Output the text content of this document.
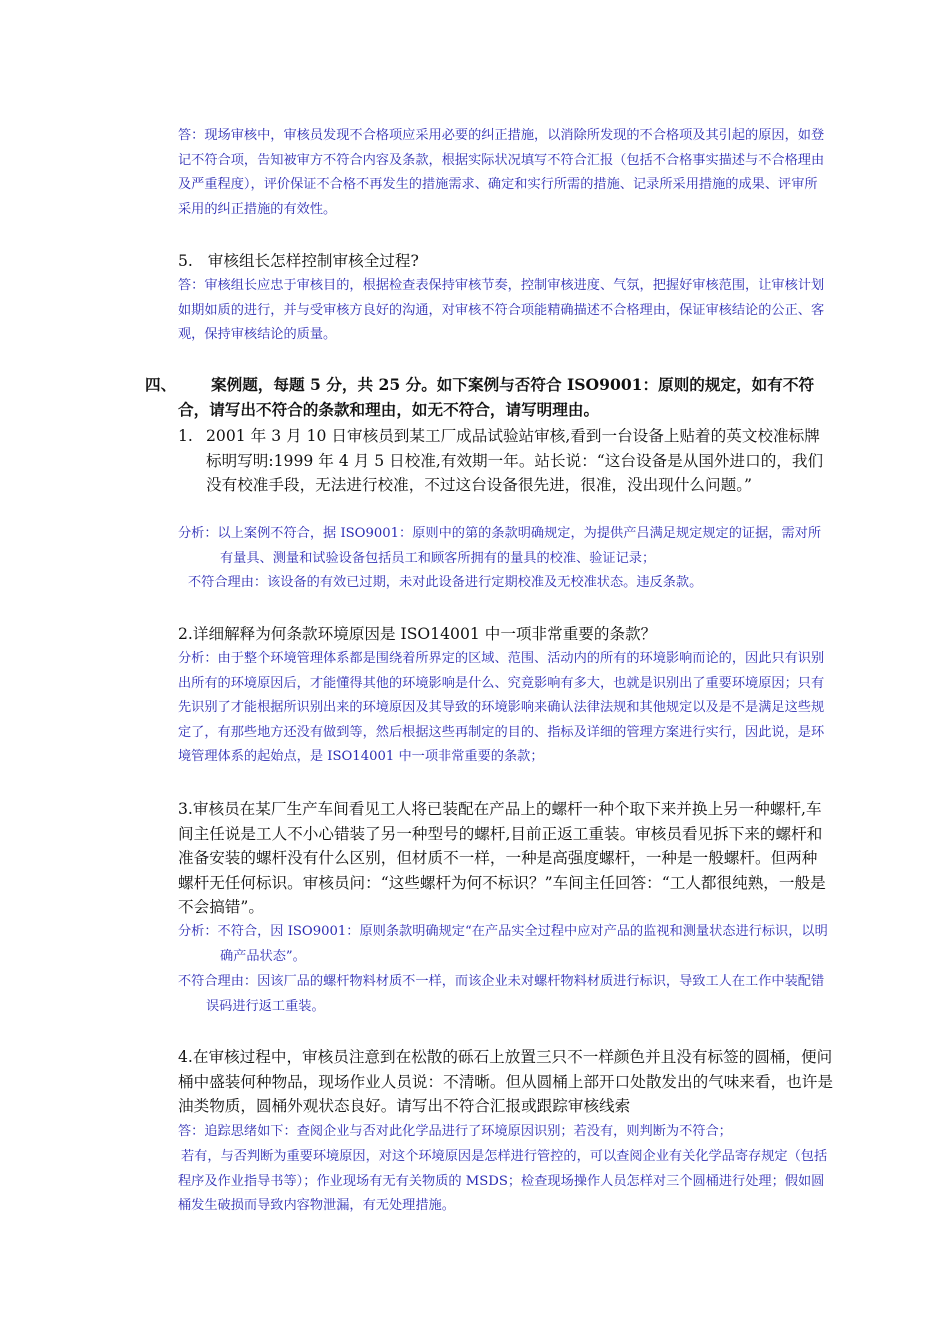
答：现场审核中，审核员发现不合格项应采用必要的纠正措施，以消除所发现的不合格项及其引起的原因，如登记不符合项，告知被审方不符合内容及条款，根据实际状况填写不符合汇报（包括不合格事实描述与不合格理由及严重程度），评价保证不合格不再发生的措施需求、确定和实行所需的措施、记录所采用措施的成果、评审所采用的纠正措施的有效性。

5. 审核组长怎样控制审核全过程?

答：审核组长应忠于审核目的，根据检查表保持审核节奏，控制审核进度、气氛，把握好审核范围，让审核计划如期如质的进行，并与受审核方良好的沟通，对审核不符合项能精确描述不合格理由，保证审核结论的公正、客观，保持审核结论的质量。

四、	案例题，每题 5 分，共 25 分。如下案例与否符合 ISO9001：原则的规定，如有不符合，请写出不符合的条款和理由，如无不符合，请写明理由。
1. 2001 年 3 月 10 日审核员到某工厂成品试验站审核,看到一台设备上贴着的英文校准标牌标明写明:1999 年 4 月 5 日校准,有效期一年。站长说：“这台设备是从国外进口的，我们没有校准手段，无法进行校准，不过这台设备很先进，很准，没出现什么问题。”

分析：以上案例不符合，据 ISO9001：原则中的第的条款明确规定，为提供产吕满足规定规定的证据，需对所有量具、测量和试验设备包括员工和顾客所拥有的量具的校准、验证记录；

不符合理由：该设备的有效已过期，未对此设备进行定期校准及无校准状态。违反条款。

2.详细解释为何条款环境原因是 ISO14001 中一项非常重要的条款？

分析：由于整个环境管理体系都是围绕着所界定的区域、范围、活动内的所有的环境影响而论的，因此只有识别出所有的环境原因后，才能懂得其他的环境影响是什么、究竟影响有多大，也就是识别出了重要环境原因；只有先识别了才能根据所识别出来的环境原因及其导致的环境影响来确认法律法规和其他规定以及是不是满足这些规定了，有那些地方还没有做到等，然后根据这些再制定的目的、指标及详细的管理方案进行实行，因此说，是环境管理体系的起始点，是 ISO14001 中一项非常重要的条款；

3.审核员在某厂生产车间看见工人将已装配在产品上的螺杆一种个取下来并换上另一种螺杆,车间主任说是工人不小心错装了另一种型号的螺杆,目前正返工重装。审核员看见拆下来的螺杆和准备安装的螺杆没有什么区别，但材质不一样，一种是高强度螺杆，一种是一般螺杆。但两种螺杆无任何标识。审核员问：“这些螺杆为何不标识？”车间主任回答：“工人都很纯熟，一般是不会搞错”。

分析：不符合，因 ISO9001：原则条款明确规定“在产品实全过程中应对产品的监视和测量状态进行标识，以明确产品状态”。

不符合理由：因该厂品的螺杆物料材质不一样，而该企业未对螺杆物料材质进行标识，导致工人在工作中装配错误码进行返工重装。

4.在审核过程中，审核员注意到在松散的砾石上放置三只不一样颜色并且没有标签的圆桶，便问桶中盛装何种物品，现场作业人员说：不清晰。但从圆桶上部开口处散发出的气味来看，也许是油类物质，圆桶外观状态良好。请写出不符合汇报或跟踪审核线索

答：追踪思绪如下：查阅企业与否对此化学品进行了环境原因识别；若没有，则判断为不符合；

若有，与否判断为重要环境原因，对这个环境原因是怎样进行管控的，可以查阅企业有关化学品寄存规定（包括程序及作业指导书等）；作业现场有无有关物质的 MSDS；检查现场操作人员怎样对三个圆桶进行处理；假如圆桶发生破损而导致内容物泄漏，有无处理措施。
